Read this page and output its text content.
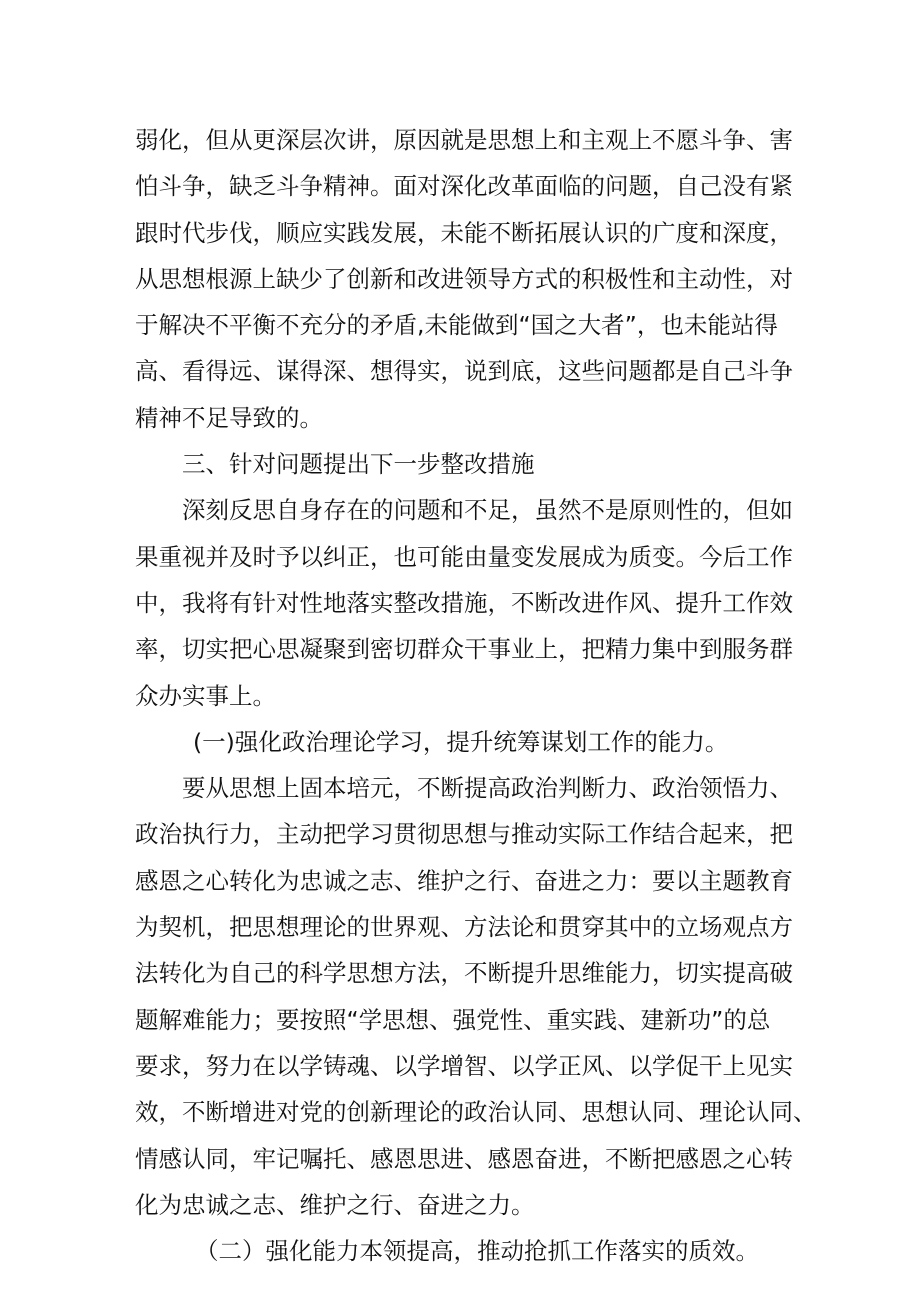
弱化，但从更深层次讲，原因就是思想上和主观上不愿斗争、害
怕斗争，缺乏斗争精神。面对深化改革面临的问题，自己没有紧
跟时代步伐，顺应实践发展，未能不断拓展认识的广度和深度，
从思想根源上缺少了创新和改进领导方式的积极性和主动性，对
于解决不平衡不充分的矛盾,未能做到“国之大者”，也未能站得
高、看得远、谋得深、想得实，说到底，这些问题都是自己斗争
精神不足导致的。

三、针对问题提出下一步整改措施

深刻反思自身存在的问题和不足，虽然不是原则性的，但如
果重视并及时予以纠正，也可能由量变发展成为质变。今后工作
中，我将有针对性地落实整改措施，不断改进作风、提升工作效
率，切实把心思凝聚到密切群众干事业上，把精力集中到服务群
众办实事上。

(一)强化政治理论学习，提升统筹谋划工作的能力。

要从思想上固本培元，不断提高政治判断力、政治领悟力、
政治执行力，主动把学习贯彻思想与推动实际工作结合起来，把
感恩之心转化为忠诚之志、维护之行、奋进之力：要以主题教育
为契机，把思想理论的世界观、方法论和贯穿其中的立场观点方
法转化为自己的科学思想方法，不断提升思维能力，切实提高破
题解难能力；要按照“学思想、强党性、重实践、建新功”的总
要求，努力在以学铸魂、以学增智、以学正风、以学促干上见实
效，不断增进对党的创新理论的政治认同、思想认同、理论认同、
情感认同，牢记嘱托、感恩思进、感恩奋进，不断把感恩之心转
化为忠诚之志、维护之行、奋进之力。

（二）强化能力本领提高，推动抢抓工作落实的质效。
